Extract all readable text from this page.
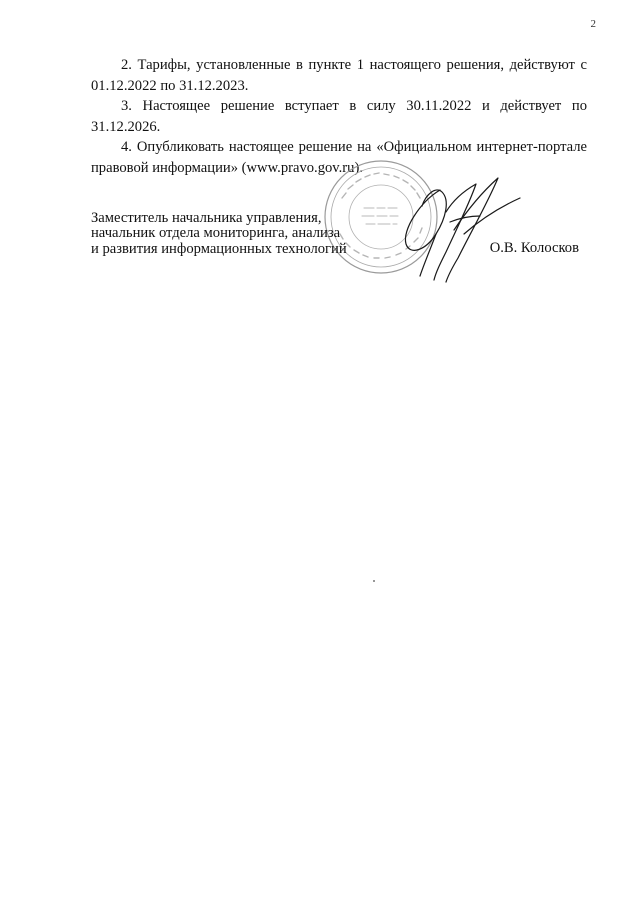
2

2. Тарифы, установленные в пункте 1 настоящего решения, действуют с 01.12.2022 по 31.12.2023.

3. Настоящее решение вступает в силу 30.11.2022 и действует по 31.12.2026.

4. Опубликовать настоящее решение на «Официальном интернет-портале правовой информации» (www.pravo.gov.ru).

Заместитель начальника управления,

начальник отдела мониторинга, анализа

и развития информационных технологий	О.В. Колосков
